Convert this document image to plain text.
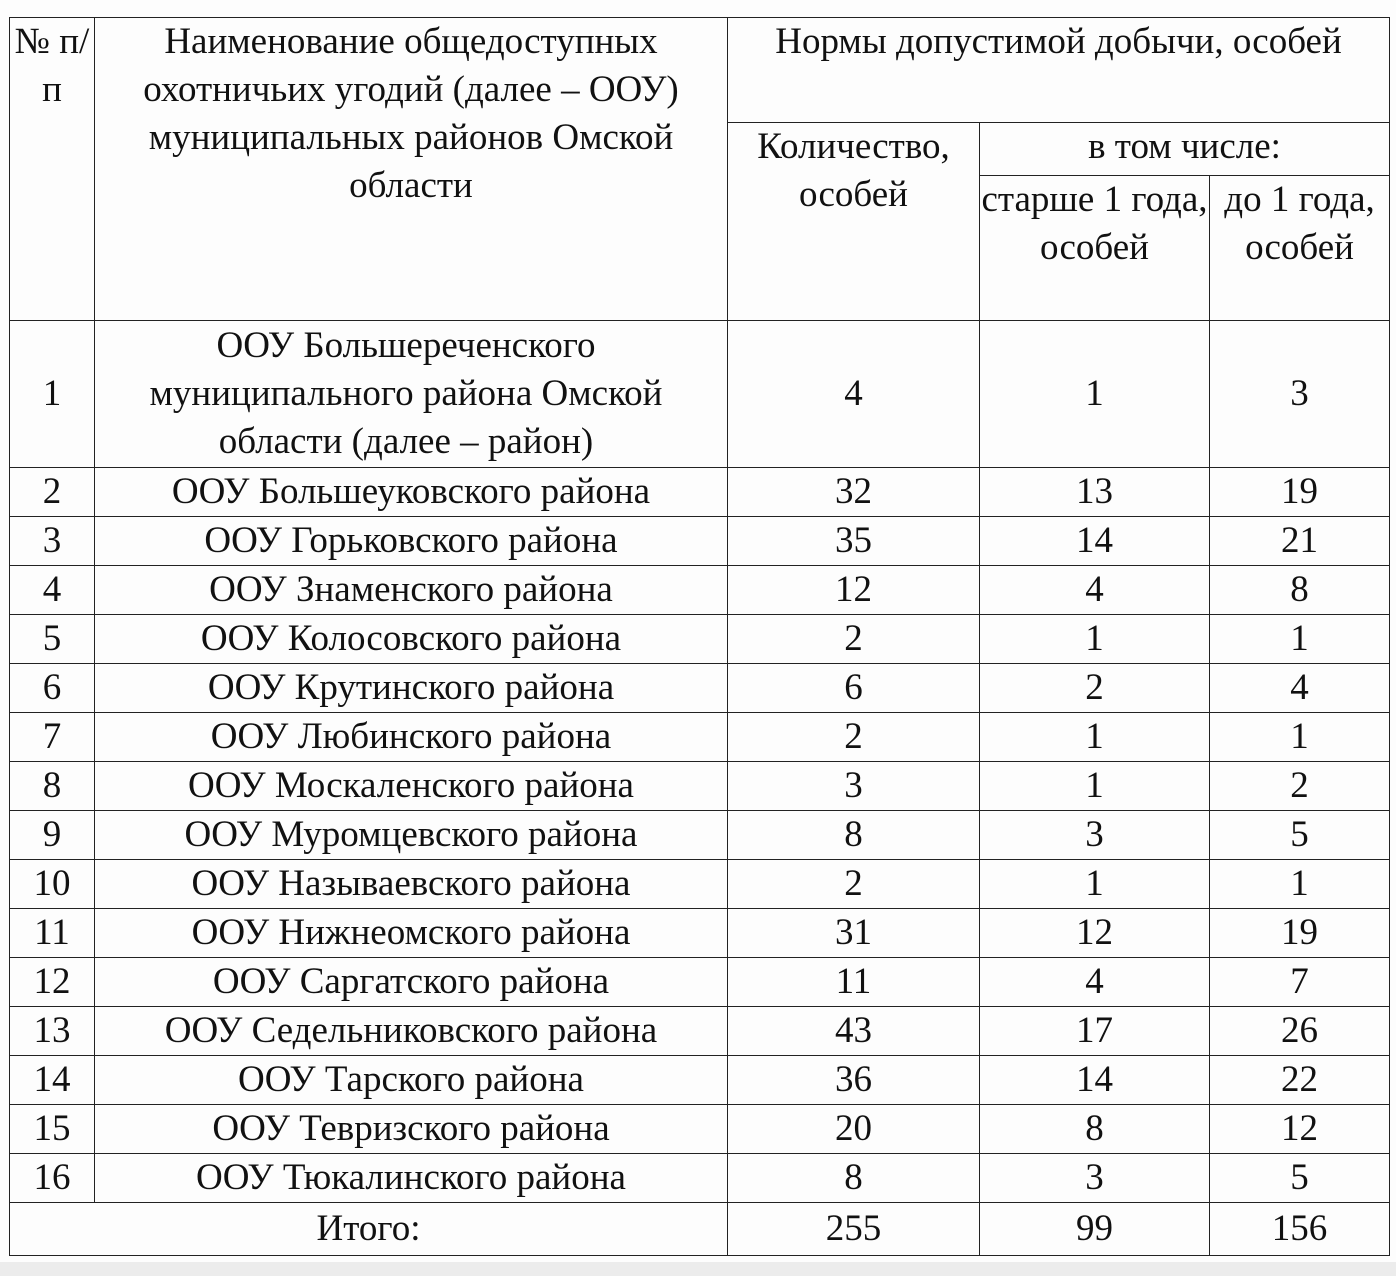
№ п/п	Наименование общедоступных охотничьих угодий (далее – ООУ) муниципальных районов Омской области	Нормы допустимой добычи, особей		
		Количество, особей	в том числе:	
			старше 1 года, особей	до 1 года, особей
1	ООУ Большереченского муниципального района Омской области (далее – район)	4	1	3
2	ООУ Большеуковского района	32	13	19
3	ООУ Горьковского района	35	14	21
4	ООУ Знаменского района	12	4	8
5	ООУ Колосовского района	2	1	1
6	ООУ Крутинского района	6	2	4
7	ООУ Любинского района	2	1	1
8	ООУ Москаленского района	3	1	2
9	ООУ Муромцевского района	8	3	5
10	ООУ Называевского района	2	1	1
11	ООУ Нижнеомского района	31	12	19
12	ООУ Саргатского района	11	4	7
13	ООУ Седельниковского района	43	17	26
14	ООУ Тарского района	36	14	22
15	ООУ Тевризского района	20	8	12
16	ООУ Тюкалинского района	8	3	5
Итого:		255	99	156
